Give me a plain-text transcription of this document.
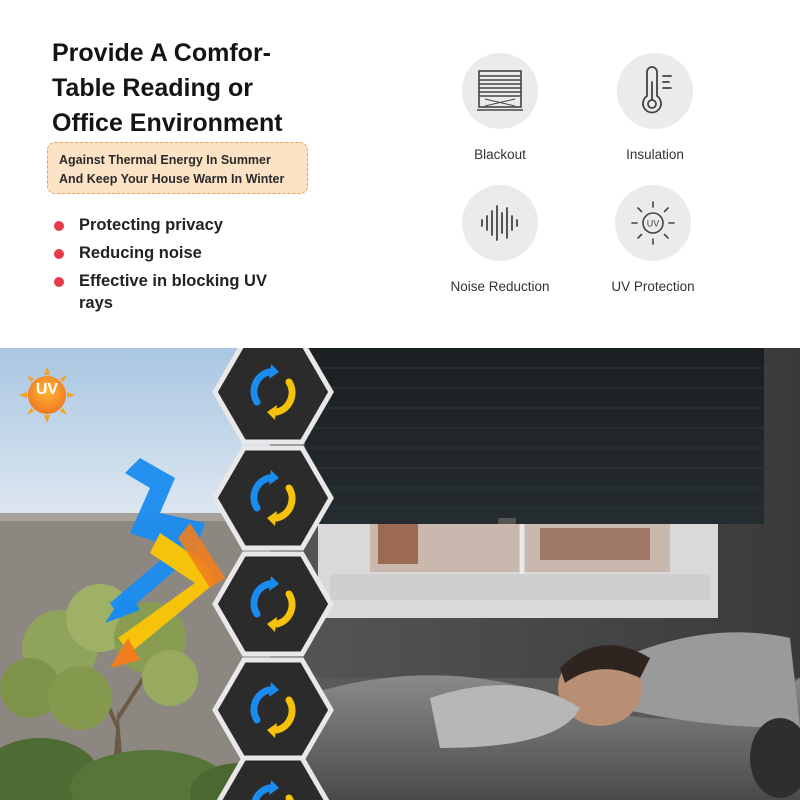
Provide A Comfor-
Table Reading or
Office Environment
Against Thermal Energy In Summer
And Keep Your House Warm In Winter
Protecting privacy
Reducing noise
Effective in blocking UV rays
Blackout	Insulation
Noise Reduction
UV
UV Protection
UV
